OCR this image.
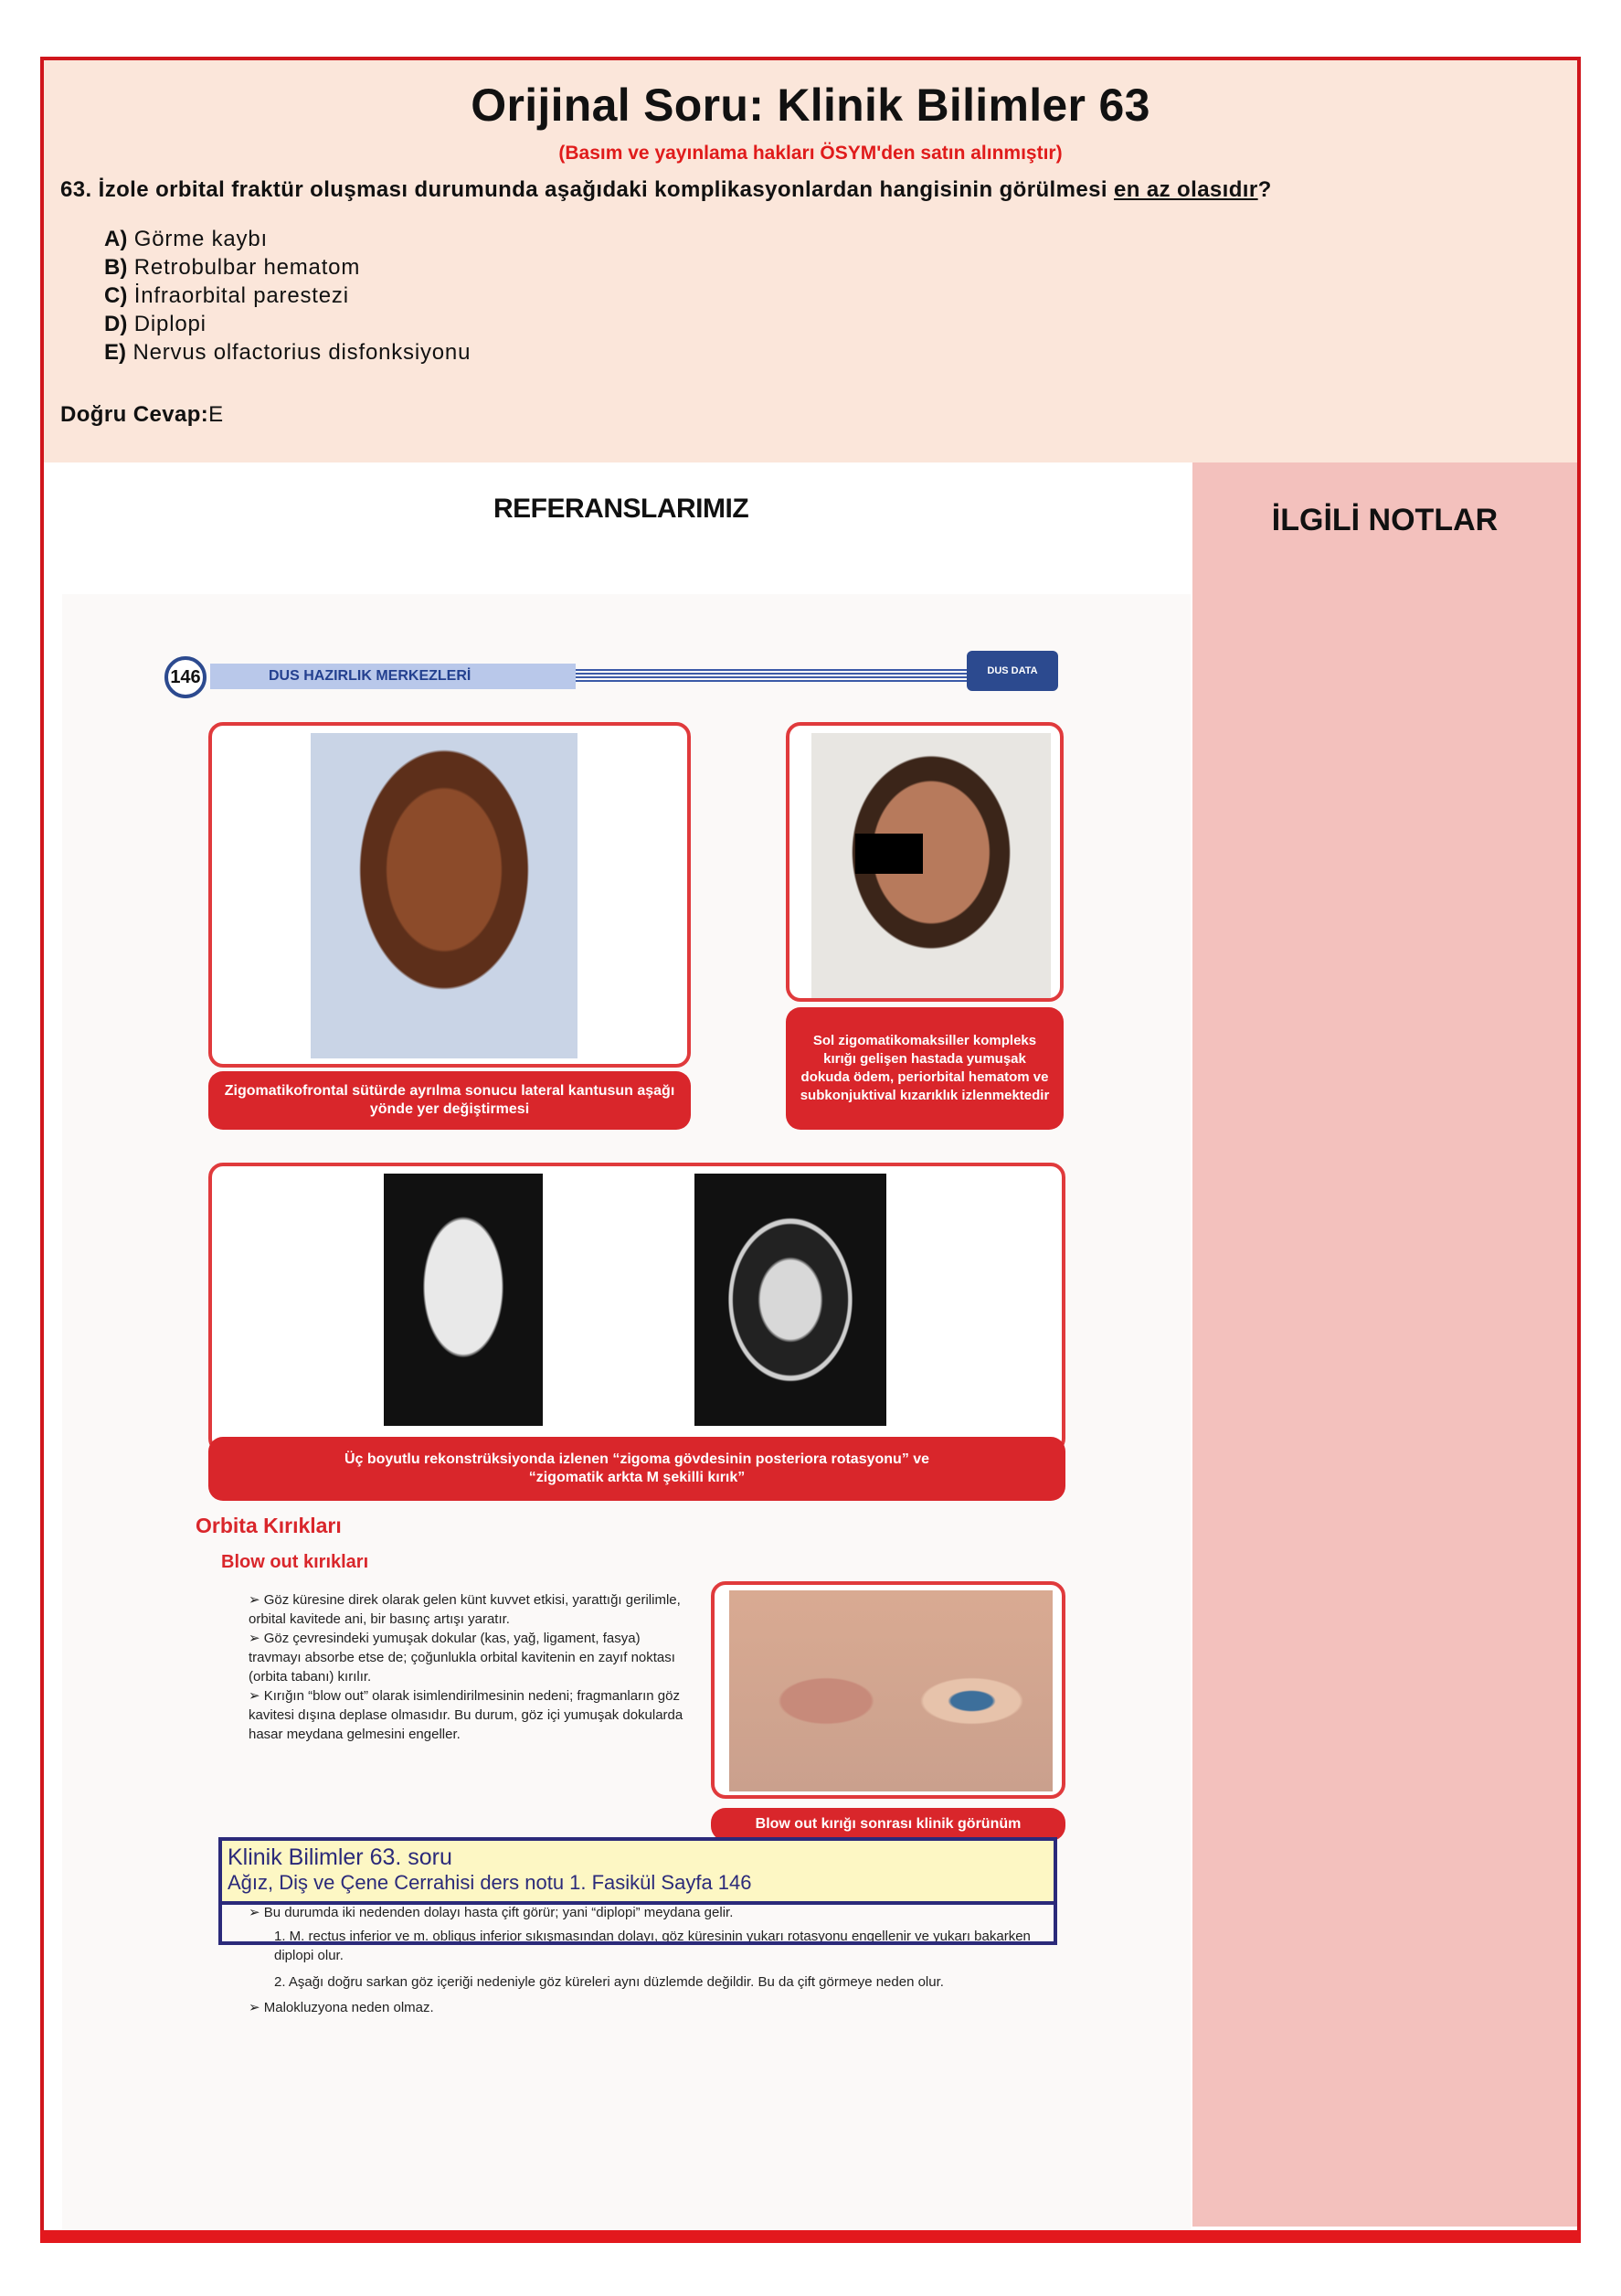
Orijinal Soru: Klinik Bilimler 63
(Basım ve yayınlama hakları ÖSYM'den satın alınmıştır)
63. İzole orbital fraktür oluşması durumunda aşağıdaki komplikasyonlardan hangisinin görülmesi en az olasıdır?
A) Görme kaybı
B) Retrobulbar hematom
C) İnfraorbital parestezi
D) Diplopi
E) Nervus olfactorius disfonksiyonu
Doğru Cevap:E
İLGİLİ NOTLAR
REFERANSLARIMIZ
146	DUS HAZIRLIK MERKEZLERİ	DUS DATA
Zigomatikofrontal sütürde ayrılma sonucu lateral kantusun aşağı yönde yer değiştirmesi
Sol zigomatikomaksiller kompleks kırığı gelişen hastada yumuşak dokuda ödem, periorbital hematom ve subkonjuktival kızarıklık izlenmektedir
Üç boyutlu rekonstrüksiyonda izlenen “zigoma gövdesinin posteriora rotasyonu” ve “zigomatik arkta M şekilli kırık”
Orbita Kırıkları
Blow out kırıkları

➢ Göz küresine direk olarak gelen künt kuvvet etkisi, yarattığı gerilimle, orbital kavitede ani, bir basınç artışı yaratır.

➢ Göz çevresindeki yumuşak dokular (kas, yağ, ligament, fasya) travmayı absorbe etse de; çoğunlukla orbital kavitenin en zayıf noktası (orbita tabanı) kırılır.

➢ Kırığın “blow out” olarak isimlendirilmesinin nedeni; fragmanların göz kavitesi dışına deplase olmasıdır. Bu durum, göz içi yumuşak dokularda hasar meydana gelmesini engeller.

Blow out kırığı sonrası klinik görünüm
➢ Bu durumda iki nedenden dolayı hasta çift görür; yani “diplopi” meydana gelir.
1. M. rectus inferior ve m. obliqus inferior sıkışmasından dolayı, göz küresinin yukarı rotasyonu engellenir ve yukarı bakarken diplopi olur.
2. Aşağı doğru sarkan göz içeriği nedeniyle göz küreleri aynı düzlemde değildir. Bu da çift görmeye neden olur.
➢ Malokluzyona neden olmaz.
Klinik Bilimler 63. soru
Ağız, Diş ve Çene Cerrahisi ders notu 1. Fasikül Sayfa 146
